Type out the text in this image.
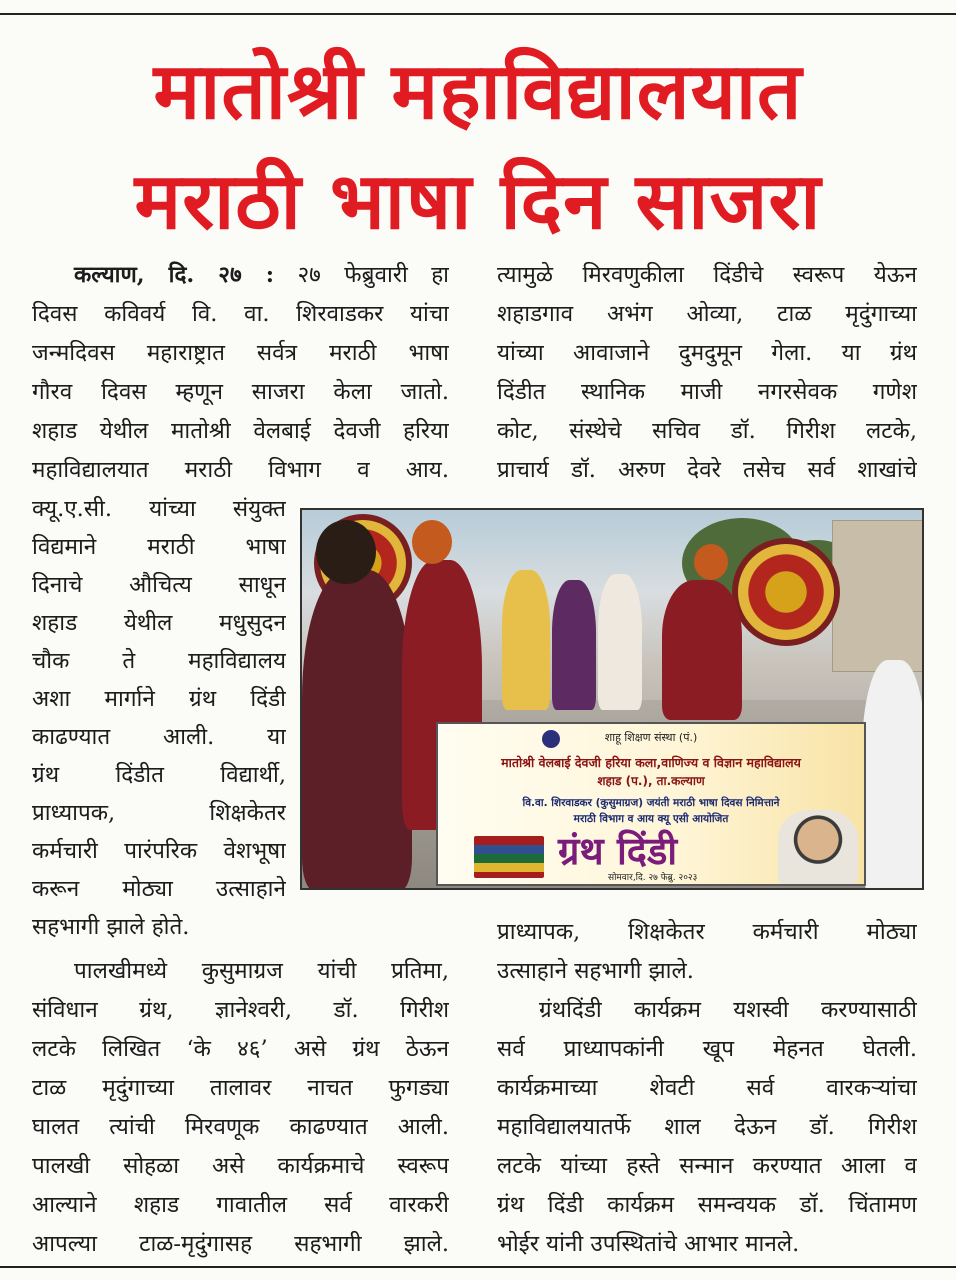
मातोश्री महाविद्यालयात
मराठी भाषा दिन साजरा

कल्याण, दि. २७ : २७ फेब्रुवारी हा

दिवस कविवर्य वि. वा. शिरवाडकर यांचा

जन्मदिवस महाराष्ट्रात सर्वत्र मराठी भाषा

गौरव दिवस म्हणून साजरा केला जातो.

शहाड येथील मातोश्री वेलबाई देवजी हरिया

महाविद्यालयात मराठी विभाग व आय.

क्यू.ए.सी. यांच्या संयुक्त

विद्यमाने मराठी भाषा

दिनाचे औचित्य साधून

शहाड येथील मधुसुदन

चौक ते महाविद्यालय

अशा मार्गाने ग्रंथ दिंडी

काढण्यात आली. या

ग्रंथ दिंडीत विद्यार्थी,

प्राध्यापक, शिक्षकेतर

कर्मचारी पारंपरिक वेशभूषा

करून मोठ्या उत्साहाने

सहभागी झाले होते.

पालखीमध्ये कुसुमाग्रज यांची प्रतिमा,

संविधान ग्रंथ, ज्ञानेश्वरी, डॉ. गिरीश

लटके लिखित ‘के ४६’ असे ग्रंथ ठेऊन

टाळ मृदुंगाच्या तालावर नाचत फुगड्या

घालत त्यांची मिरवणूक काढण्यात आली.

पालखी सोहळा असे कार्यक्रमाचे स्वरूप

आल्याने शहाड गावातील सर्व वारकरी

आपल्या टाळ-मृदुंगासह सहभागी झाले.

त्यामुळे मिरवणुकीला दिंडीचे स्वरूप येऊन

शहाडगाव अभंग ओव्या, टाळ मृदुंगाच्या

यांच्या आवाजाने दुमदुमून गेला. या ग्रंथ

दिंडीत स्थानिक माजी नगरसेवक गणेश

कोट, संस्थेचे सचिव डॉ. गिरीश लटके,

प्राचार्य डॉ. अरुण देवरे तसेच सर्व शाखांचे

शाहू शिक्षण संस्था (पं.)
मातोश्री वेलबाई देवजी हरिया कला,वाणिज्य व विज्ञान महाविद्यालय
शहाड (प.), ता.कल्याण
वि.वा. शिरवाडकर (कुसुमाग्रज) जयंती मराठी भाषा दिवस निमित्ताने
मराठी विभाग व आय क्यू एसी आयोजित
ग्रंथ दिंडी
सोमवार,दि. २७ फेब्रु. २०२३

प्राध्यापक, शिक्षकेतर कर्मचारी मोठ्या

उत्साहाने सहभागी झाले.

ग्रंथदिंडी कार्यक्रम यशस्वी करण्यासाठी

सर्व प्राध्यापकांनी खूप मेहनत घेतली.

कार्यक्रमाच्या शेवटी सर्व वारकऱ्यांचा

महाविद्यालयातर्फे शाल देऊन डॉ. गिरीश

लटके यांच्या हस्ते सन्मान करण्यात आला व

ग्रंथ दिंडी कार्यक्रम समन्वयक डॉ. चिंतामण

भोईर यांनी उपस्थितांचे आभार मानले.
